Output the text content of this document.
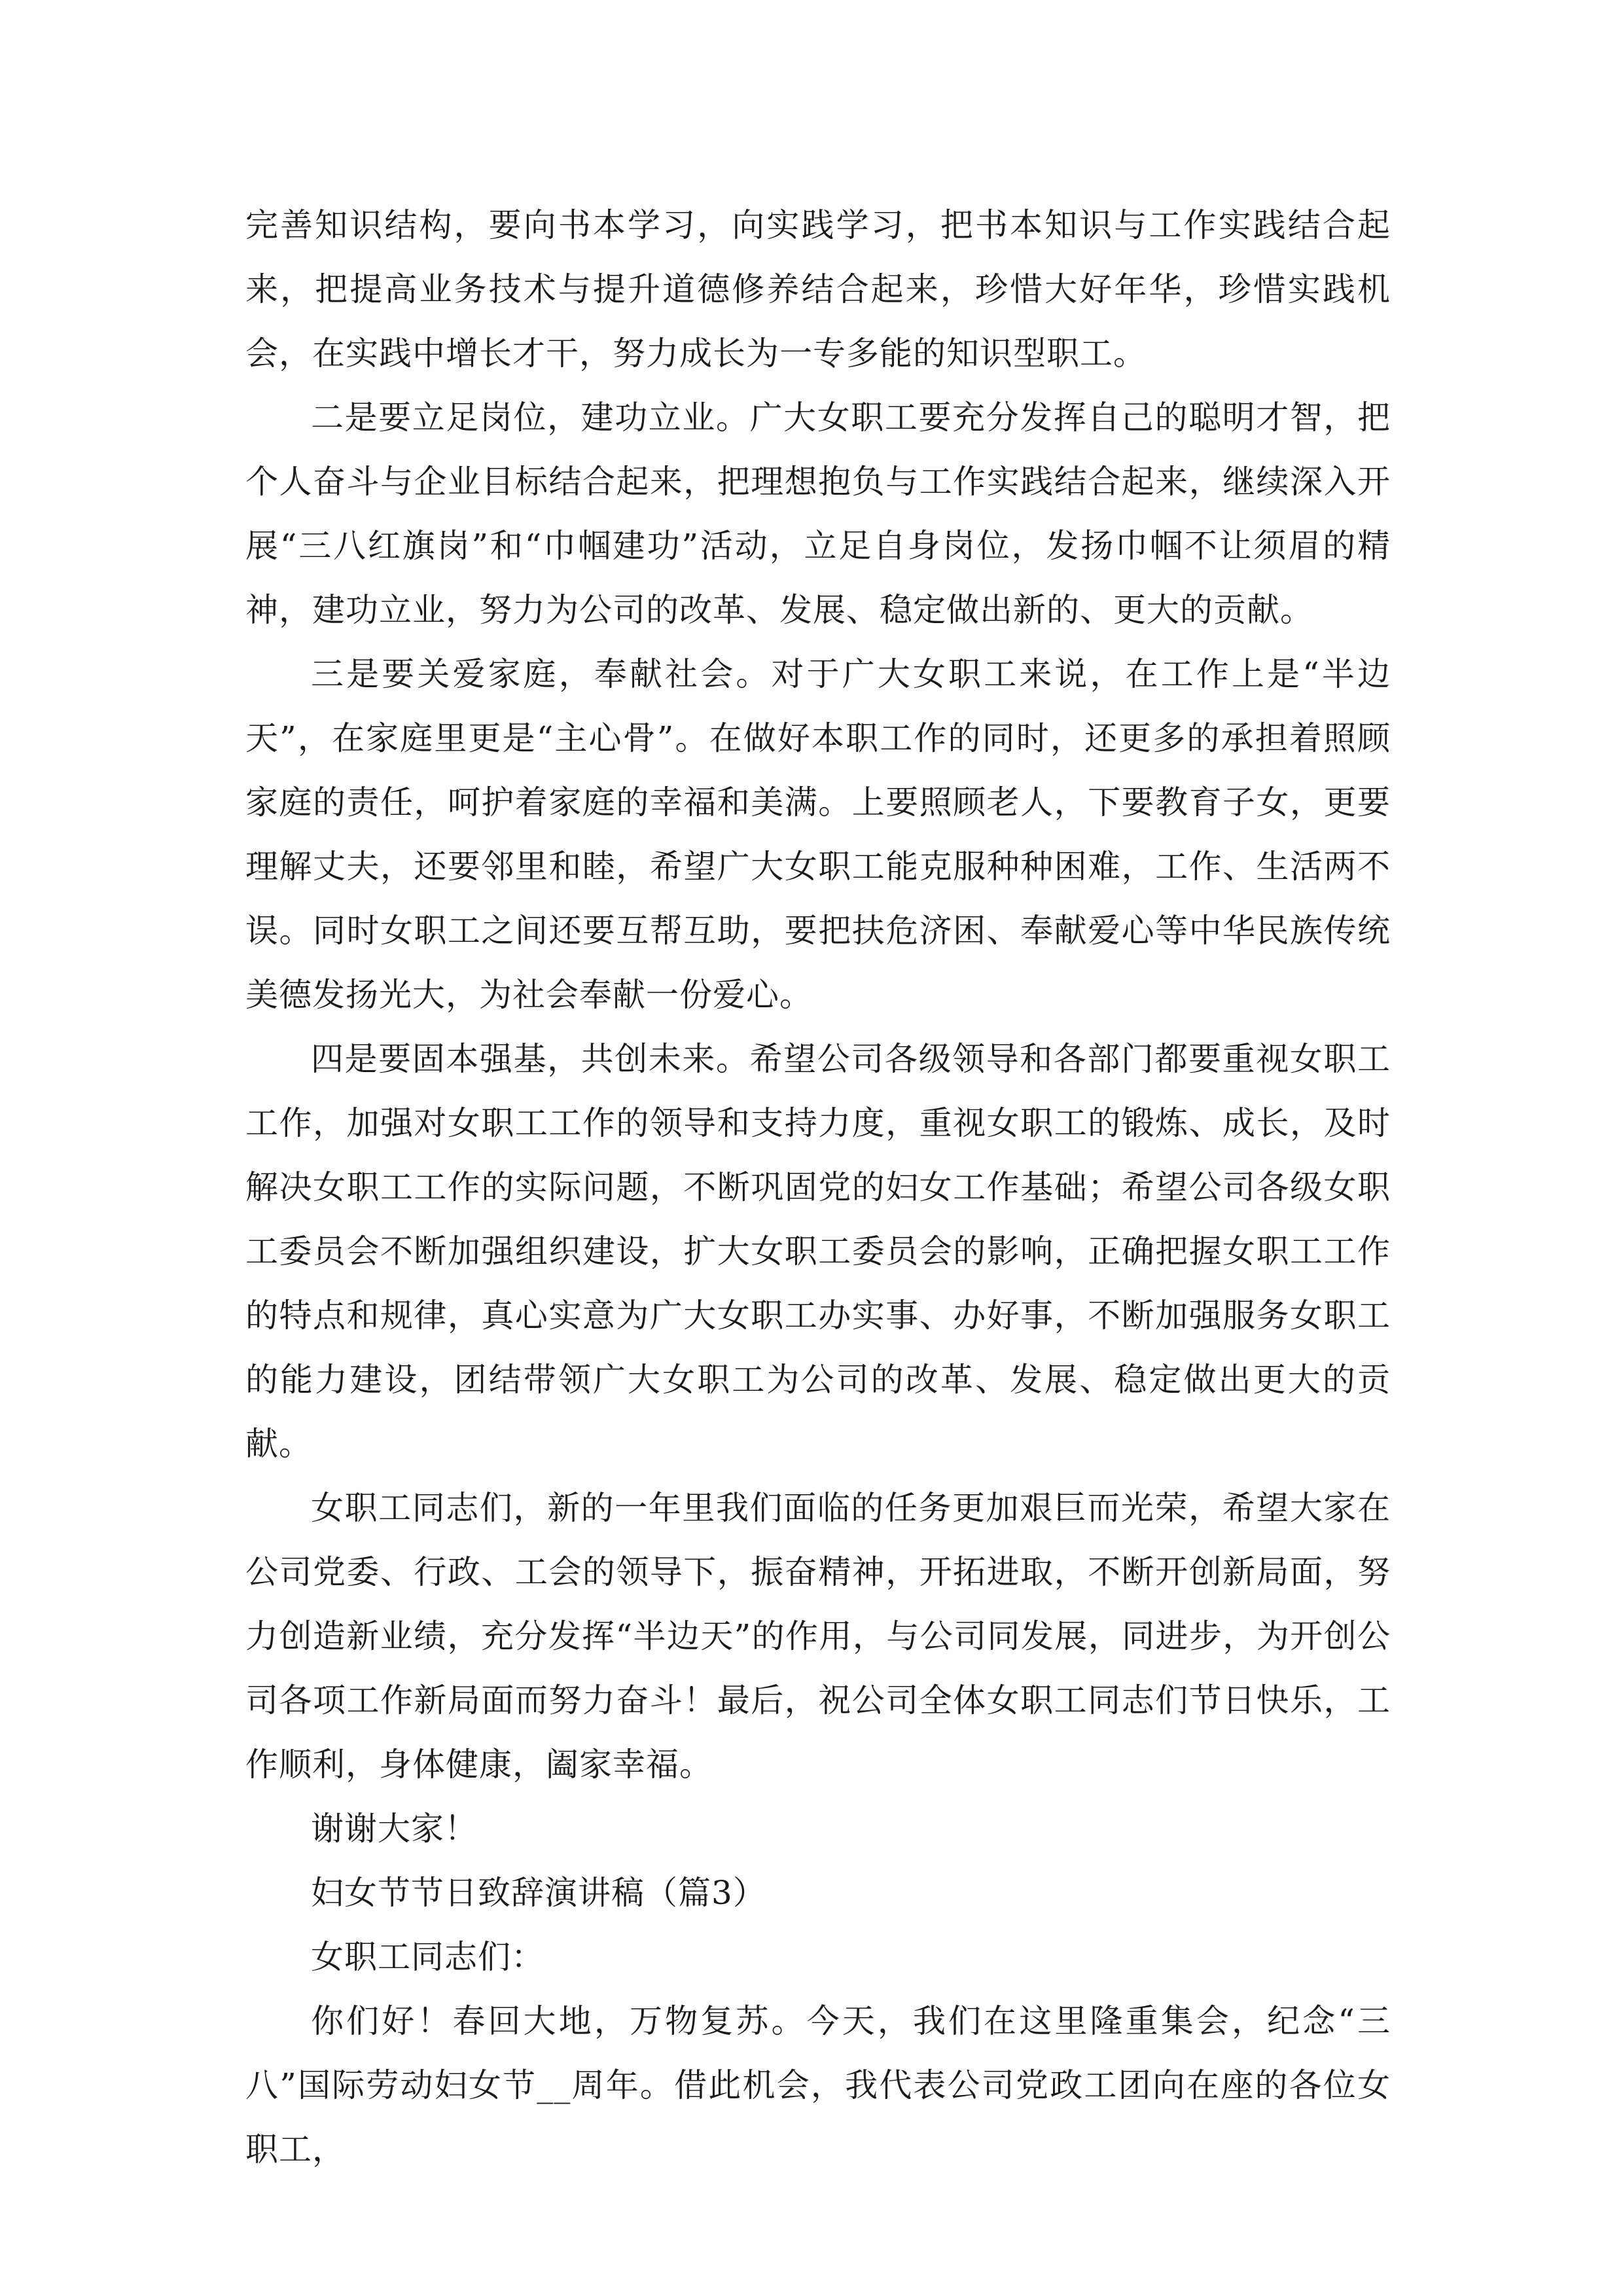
完善知识结构，要向书本学习，向实践学习，把书本知识与工作实践结合起来，把提高业务技术与提升道德修养结合起来，珍惜大好年华，珍惜实践机会，在实践中增长才干，努力成长为一专多能的知识型职工。

二是要立足岗位，建功立业。广大女职工要充分发挥自己的聪明才智，把个人奋斗与企业目标结合起来，把理想抱负与工作实践结合起来，继续深入开展“三八红旗岗”和“巾帼建功”活动，立足自身岗位，发扬巾帼不让须眉的精神，建功立业，努力为公司的改革、发展、稳定做出新的、更大的贡献。

三是要关爱家庭，奉献社会。对于广大女职工来说，在工作上是“半边天”，在家庭里更是“主心骨”。在做好本职工作的同时，还更多的承担着照顾家庭的责任，呵护着家庭的幸福和美满。上要照顾老人，下要教育子女，更要理解丈夫，还要邻里和睦，希望广大女职工能克服种种困难，工作、生活两不误。同时女职工之间还要互帮互助，要把扶危济困、奉献爱心等中华民族传统美德发扬光大，为社会奉献一份爱心。

四是要固本强基，共创未来。希望公司各级领导和各部门都要重视女职工工作，加强对女职工工作的领导和支持力度，重视女职工的锻炼、成长，及时解决女职工工作的实际问题，不断巩固党的妇女工作基础；希望公司各级女职工委员会不断加强组织建设，扩大女职工委员会的影响，正确把握女职工工作的特点和规律，真心实意为广大女职工办实事、办好事，不断加强服务女职工的能力建设，团结带领广大女职工为公司的改革、发展、稳定做出更大的贡献。

女职工同志们，新的一年里我们面临的任务更加艰巨而光荣，希望大家在公司党委、行政、工会的领导下，振奋精神，开拓进取，不断开创新局面，努力创造新业绩，充分发挥“半边天”的作用，与公司同发展，同进步，为开创公司各项工作新局面而努力奋斗！最后，祝公司全体女职工同志们节日快乐，工作顺利，身体健康，阖家幸福。

谢谢大家！

妇女节节日致辞演讲稿（篇3）

女职工同志们：

你们好！春回大地，万物复苏。今天，我们在这里隆重集会，纪念“三八”国际劳动妇女节__周年。借此机会，我代表公司党政工团向在座的各位女职工，
